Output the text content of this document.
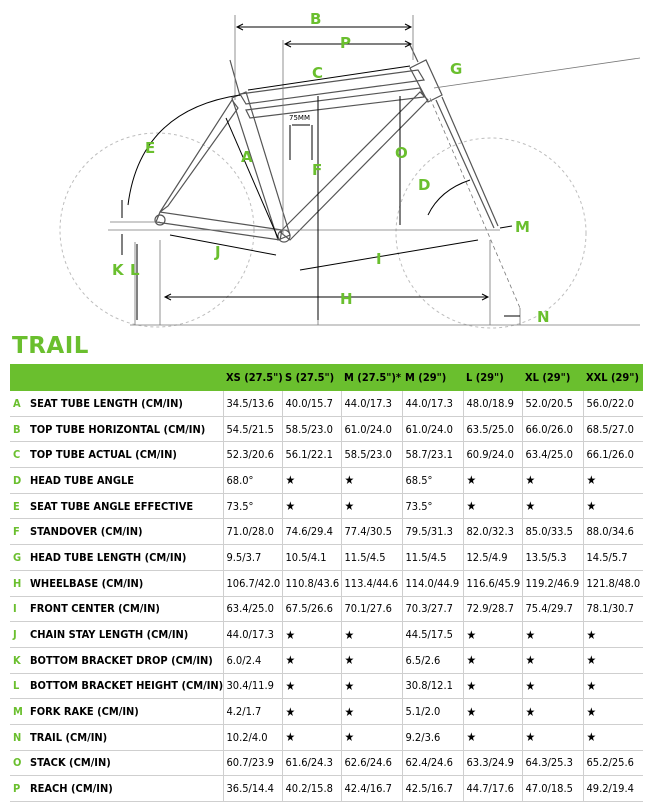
B
P
C	G
E	A
F
O
D
M
K L
J	I
H
N
75MM
TRAIL
		XS (27.5")	S (27.5")	M (27.5")*	M (29")	L (29")	XL (29")	XXL (29")
A	SEAT TUBE LENGTH (CM/IN)	34.5/13.6	40.0/15.7	44.0/17.3	44.0/17.3	48.0/18.9	52.0/20.5	56.0/22.0
B	TOP TUBE HORIZONTAL (CM/IN)	54.5/21.5	58.5/23.0	61.0/24.0	61.0/24.0	63.5/25.0	66.0/26.0	68.5/27.0
C	TOP TUBE ACTUAL (CM/IN)	52.3/20.6	56.1/22.1	58.5/23.0	58.7/23.1	60.9/24.0	63.4/25.0	66.1/26.0
D	HEAD TUBE ANGLE	68.0°	★	★	68.5°	★	★	★
E	SEAT TUBE ANGLE EFFECTIVE	73.5°	★	★	73.5°	★	★	★
F	STANDOVER (CM/IN)	71.0/28.0	74.6/29.4	77.4/30.5	79.5/31.3	82.0/32.3	85.0/33.5	88.0/34.6
G	HEAD TUBE LENGTH (CM/IN)	9.5/3.7	10.5/4.1	11.5/4.5	11.5/4.5	12.5/4.9	13.5/5.3	14.5/5.7
H	WHEELBASE (CM/IN)	106.7/42.0	110.8/43.6	113.4/44.6	114.0/44.9	116.6/45.9	119.2/46.9	121.8/48.0
I	FRONT CENTER (CM/IN)	63.4/25.0	67.5/26.6	70.1/27.6	70.3/27.7	72.9/28.7	75.4/29.7	78.1/30.7
J	CHAIN STAY LENGTH (CM/IN)	44.0/17.3	★	★	44.5/17.5	★	★	★
K	BOTTOM BRACKET DROP (CM/IN)	6.0/2.4	★	★	6.5/2.6	★	★	★
L	BOTTOM BRACKET HEIGHT (CM/IN)	30.4/11.9	★	★	30.8/12.1	★	★	★
M	FORK RAKE (CM/IN)	4.2/1.7	★	★	5.1/2.0	★	★	★
N	TRAIL (CM/IN)	10.2/4.0	★	★	9.2/3.6	★	★	★
O	STACK (CM/IN)	60.7/23.9	61.6/24.3	62.6/24.6	62.4/24.6	63.3/24.9	64.3/25.3	65.2/25.6
P	REACH (CM/IN)	36.5/14.4	40.2/15.8	42.4/16.7	42.5/16.7	44.7/17.6	47.0/18.5	49.2/19.4
